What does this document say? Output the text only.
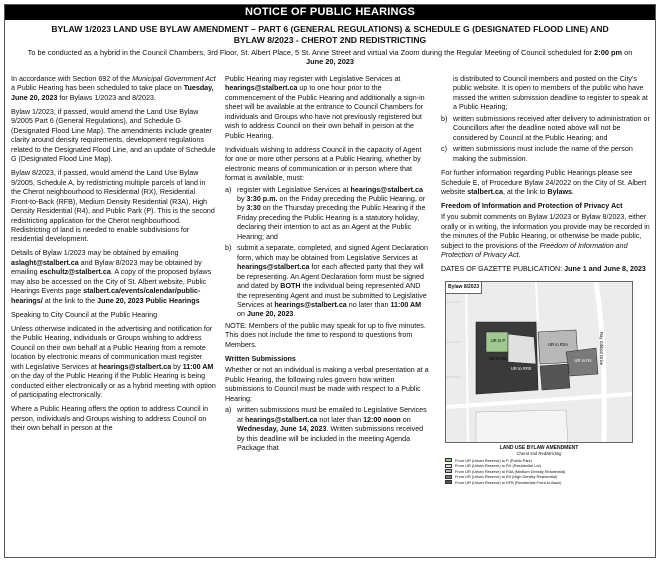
NOTICE OF PUBLIC HEARINGS
BYLAW 1/2023 LAND USE BYLAW AMENDMENT – PART 6 (GENERAL REGULATIONS) & SCHEDULE G (DESIGNATED FLOOD LINE) AND BYLAW 8/2023 - CHEROT 2ND REDISTRICTING
To be conducted as a hybrid in the Council Chambers, 3rd Floor, St. Albert Place, 5 St. Anne Street and virtual via Zoom during the Regular Meeting of Council scheduled for 2:00 pm on June 20, 2023

In accordance with Section 692 of the Municipal Government Act a Public Hearing has been scheduled to take place on Tuesday, June 20, 2023 for Bylaws 1/2023 and 8/2023.

Bylaw 1/2023, if passed, would amend the Land Use Bylaw 9/2005 Part 6 (General Regulations), and Schedule G (Designated Flood Line Map). The amendments include greater clarity around density requirements, development regulations related to the Designated Flood Line, and an update of Schedule G (Designated Flood Line Map).

Bylaw 8/2023, if passed, would amend the Land Use Bylaw 9/2005, Schedule A, by redistricting multiple parcels of land in the Cherot neighbourhood to Residential (RX), Residential Front-to-Back (RFB), Medium Density Residential (R3A), High Density Residential (R4), and Public Park (P). This is the second redistricting application for the Cherot neighbourhood. Redistricting of land is needed to enable subdivisions for residential development.

Details of Bylaw 1/2023 may be obtained by emailing aslaght@stalbert.ca and Bylaw 8/2023 may be obtained by emailing eschultz@stalbert.ca. A copy of the proposed bylaws may also be accessed on the City of St. Albert website, Public Hearings Events page stalbert.ca/events/calendar/public-hearings/ at the link to the June 20, 2023 Public Hearings

Speaking to City Council at the Public Hearing

Unless otherwise indicated in the advertising and notification for the Public Hearing, individuals or Groups wishing to address Council on their own behalf at a Public Hearing from a remote location by electronic means of communication must register with Legislative Services at hearings@stalbert.ca by 11:00 AM on the day of the Public Hearing if the Public Hearing is being conducted either electronically or as a hybrid meeting with option of participating electronically.

Where a Public Hearing offers the option to address Council in person, individuals and Groups wishing to address Council on their own behalf in person at the

Public Hearing may register with Legislative Services at hearings@stalbert.ca up to one hour prior to the commencement of the Public Hearing and additionally a sign-in sheet will be available at the entrance to Council Chambers for individuals and Groups who have not previously registered but wish to address Council on their own behalf in person at the Public Hearing.

Individuals wishing to address Council in the capacity of Agent for one or more other persons at a Public Hearing, whether by electronic means of communication or in person where that format is available, must:

a) register with Legislative Services at hearings@stalbert.ca by 3:30 p.m. on the Friday preceding the Public Hearing, or by 3:30 on the Thursday preceding the Public Hearing if the Friday preceding the Public Hearing is a statutory holiday, declaring their intention to act as an Agent at the Public Hearing; and
b) submit a separate, completed, and signed Agent Declaration form, which may be obtained from Legislative Services at hearings@stalbert.ca for each affected party that they will be representing. An Agent Declaration form must be signed and dated by BOTH the individual being represented AND the representing Agent and must be submitted to Legislative Services at hearings@stalbert.ca no later than 11:00 AM on June 20, 2023.

NOTE: Members of the public may speak for up to five minutes. This does not include the time to respond to questions from Members.

Written Submissions

Whether or not an individual is making a verbal presentation at a Public Hearing, the following rules govern how written submissions to Council must be made with respect to a Public Hearing:

a) written submissions must be emailed to Legislative Services at hearings@stalbert.ca not later than 12:00 noon on Wednesday, June 14, 2023. Written submissions received by this deadline will be included in the meeting Agenda Package that
is distributed to Council members and posted on the City's public website. It is open to members of the public who have missed the written submission deadline to register to speak at a Public Hearing;
b) written submissions received after delivery to administration or Councillors after the deadline noted above will not be considered by Council at the Public Hearing; and
c) written submissions must include the name of the person making the submission.

For further information regarding Public Hearings please see Schedule E, of Procedure Bylaw 24/2022 on the City of St. Albert website stalbert.ca, at the link to Bylaws.

Freedom of Information and Protection of Privacy Act

If you submit comments on Bylaw 1/2023 or Bylaw 8/2023, either orally or in writing, the information you provide may be recorded in the minutes of the Public Hearing, or otherwise be made public, subject to the provisions of the Freedom of Information and Protection of Privacy Act.

DATES OF GAZETTE PUBLICATION: June 1 and June 8, 2023

Bylaw 8/2023
UR to RX
UR to RFB
UR to P
UR to R3A
UR to R4
LAND USE BYLAW AMENDMENT
Cherot 2nd Redistricting
From UR (Urban Reserve) to P (Public Park)
From UR (Urban Reserve) to RX (Residential Lot)
From UR (Urban Reserve) to R3A (Medium Density Residential)
From UR (Urban Reserve) to R4 (High Density Residential)
From UR (Urban Reserve) to RFB (Residential Front-to-Back)
